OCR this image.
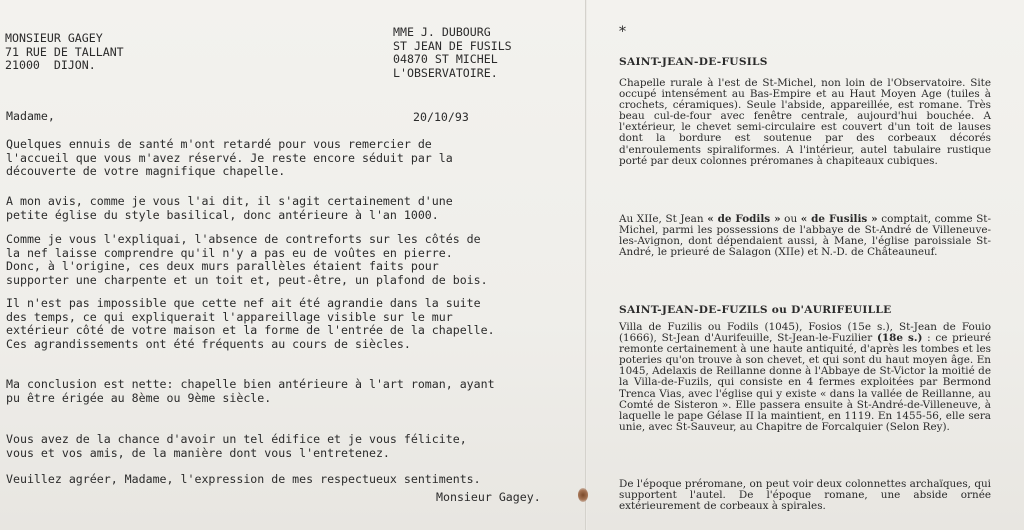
MONSIEUR GAGEY
71 RUE DE TALLANT
21000  DIJON.
MME J. DUBOURG
ST JEAN DE FUSILS
04870 ST MICHEL
L'OBSERVATOIRE.
Madame,	20/10/93
Quelques ennuis de santé m'ont retardé pour vous remercier de
l'accueil que vous m'avez réservé. Je reste encore séduit par la
découverte de votre magnifique chapelle.
A mon avis, comme je vous l'ai dit, il s'agit certainement d'une
petite église du style basilical, donc antérieure à l'an 1000.
Comme je vous l'expliquai, l'absence de contreforts sur les côtés de
la nef laisse comprendre qu'il n'y a pas eu de voûtes en pierre.
Donc, à l'origine, ces deux murs parallèles étaient faits pour
supporter une charpente et un toit et, peut-être, un plafond de bois.
Il n'est pas impossible que cette nef ait été agrandie dans la suite
des temps, ce qui expliquerait l'appareillage visible sur le mur
extérieur côté de votre maison et la forme de l'entrée de la chapelle.
Ces agrandissements ont été fréquents au cours de siècles.
Ma conclusion est nette: chapelle bien antérieure à l'art roman, ayant
pu être érigée au 8ème ou 9ème siècle.
Vous avez de la chance d'avoir un tel édifice et je vous félicite,
vous et vos amis, de la manière dont vous l'entretenez.
Veuillez agréer, Madame, l'expression de mes respectueux sentiments.
Monsieur Gagey.
*

SAINT-JEAN-DE-FUSILS

Chapelle rurale à l'est de St-Michel, non loin de l'Observatoire. Site occupé intensément au Bas-Empire et au Haut Moyen Age (tuiles à crochets, céramiques). Seule l'abside, appareillée, est romane. Très beau cul-de-four avec fenêtre centrale, aujourd'hui bouchée. A l'extérieur, le chevet semi-circulaire est couvert d'un toit de lauses dont la bordure est soutenue par des corbeaux décorés d'enroulements spiraliformes. A l'intérieur, autel tabulaire rustique porté par deux colonnes préromanes à chapiteaux cubiques.

Au XIIe, St Jean « de Fodils » ou « de Fusilis » comptait, comme St-Michel, parmi les possessions de l'abbaye de St-André de Villeneuve-les-Avignon, dont dépendaient aussi, à Mane, l'église paroissiale St-André, le prieuré de Salagon (XIIe) et N.-D. de Châteauneuf.

SAINT-JEAN-DE-FUZILS ou D'AURIFEUILLE

Villa de Fuzilis ou Fodils (1045), Fosios (15e s.), St-Jean de Fouio (1666), St-Jean d'Aurifeuille, St-Jean-le-Fuzilier (18e s.) : ce prieuré remonte certainement à une haute antiquité, d'après les tombes et les poteries qu'on trouve à son chevet, et qui sont du haut moyen âge. En 1045, Adelaxis de Reillanne donne à l'Abbaye de St-Victor la moitié de la Villa-de-Fuzils, qui consiste en 4 fermes exploitées par Bermond Trenca Vias, avec l'église qui y existe « dans la vallée de Reillanne, au Comté de Sisteron ». Elle passera ensuite à St-André-de-Villeneuve, à laquelle le pape Gélase II la maintient, en 1119. En 1455-56, elle sera unie, avec St-Sauveur, au Chapitre de Forcalquier (Selon Rey).

De l'époque préromane, on peut voir deux colonnettes archaïques, qui supportent l'autel. De l'époque romane, une abside ornée extérieurement de corbeaux à spirales.
